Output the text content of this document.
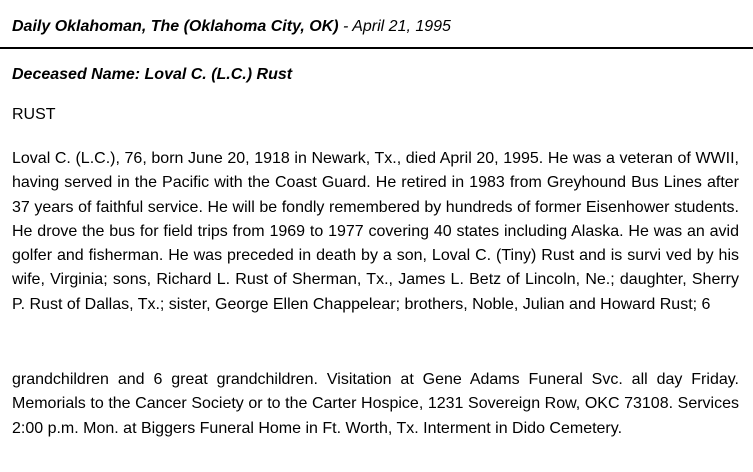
Daily Oklahoman, The (Oklahoma City, OK) - April 21, 1995
Deceased Name: Loval C. (L.C.) Rust
RUST

Loval C. (L.C.), 76, born June 20, 1918 in Newark, Tx., died April 20, 1995. He was a veteran of WWII, having served in the Pacific with the Coast Guard. He retired in 1983 from Greyhound Bus Lines after 37 years of faithful service. He will be fondly remembered by hundreds of former Eisenhower students. He drove the bus for field trips from 1969 to 1977 covering 40 states including Alaska. He was an avid golfer and fisherman. He was preceded in death by a son, Loval C. (Tiny) Rust and is survi ved by his wife, Virginia; sons, Richard L. Rust of Sherman, Tx., James L. Betz of Lincoln, Ne.; daughter, Sherry P. Rust of Dallas, Tx.; sister, George Ellen Chappelear; brothers, Noble, Julian and Howard Rust; 6

grandchildren and 6 great grandchildren. Visitation at Gene Adams Funeral Svc. all day Friday. Memorials to the Cancer Society or to the Carter Hospice, 1231 Sovereign Row, OKC 73108. Services 2:00 p.m. Mon. at Biggers Funeral Home in Ft. Worth, Tx. Interment in Dido Cemetery.
